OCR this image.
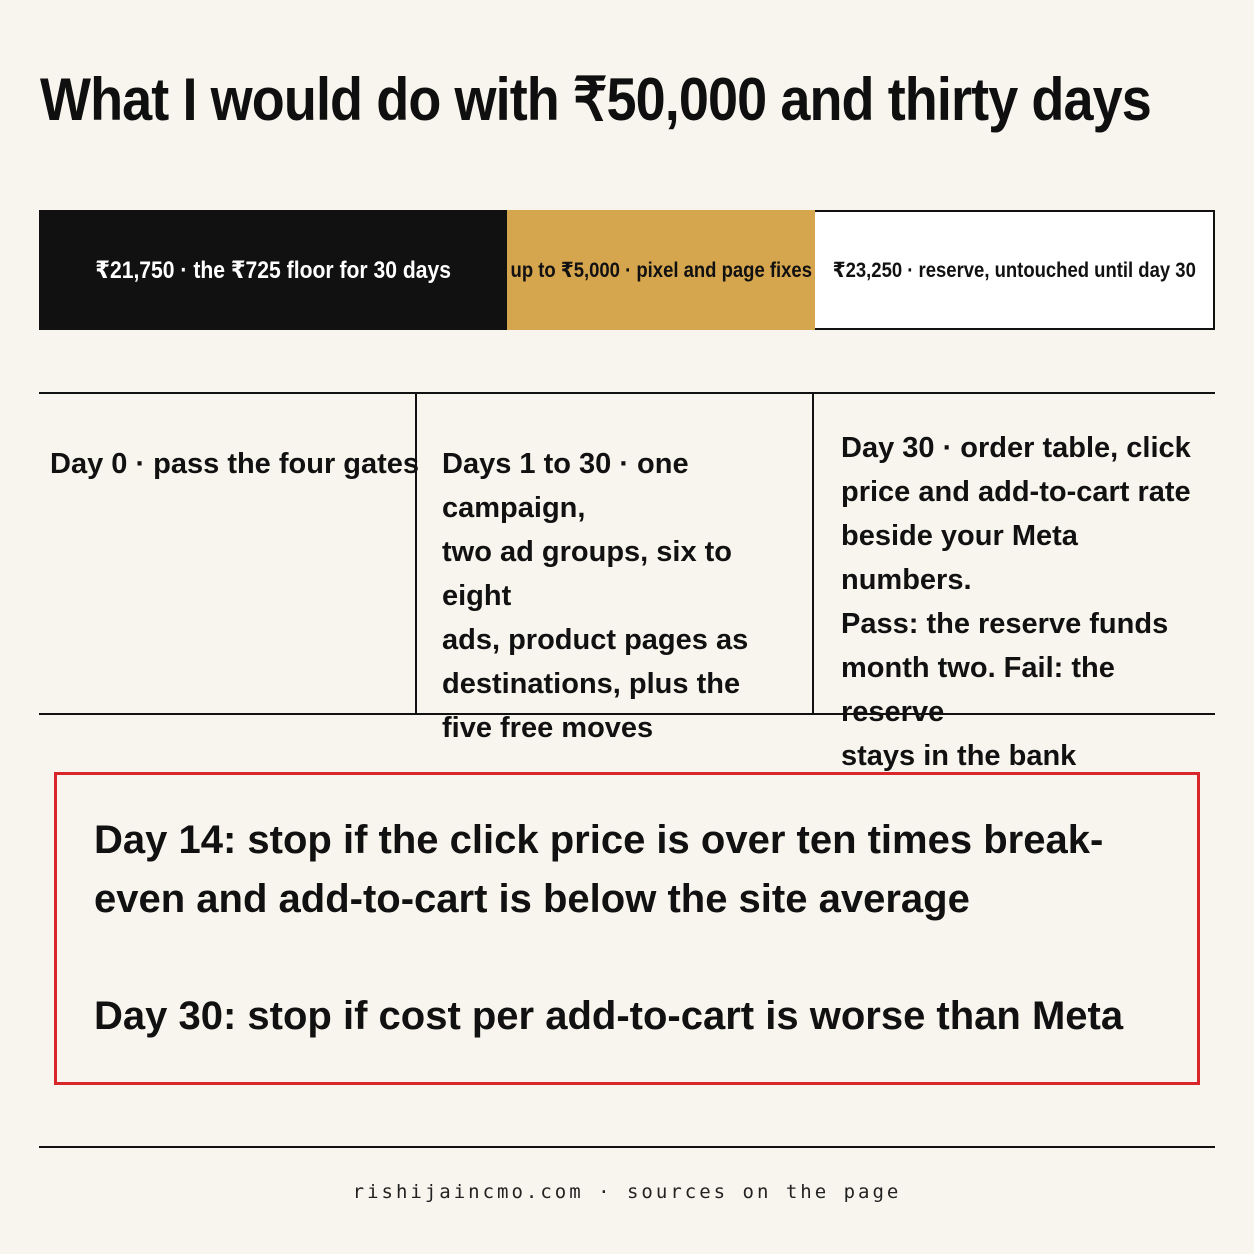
What I would do with ₹50,000 and thirty days
₹21,750 · the ₹725 floor for 30 days	up to ₹5,000 · pixel and page fixes ₹23,250 · reserve, untouched until day 30
Day 0 · pass the four gates Days 1 to 30 · one campaign,
two ad groups, six to eight
ads, product pages as
destinations, plus the
five free moves
Day 30 · order table, click
price and add-to-cart rate
beside your Meta numbers.
Pass: the reserve funds
month two. Fail: the reserve
stays in the bank

Day 14: stop if the click price is over ten times break-even and add-to-cart is below the site average

Day 30: stop if cost per add-to-cart is worse than Meta

rishijaincmo.com · sources on the page
